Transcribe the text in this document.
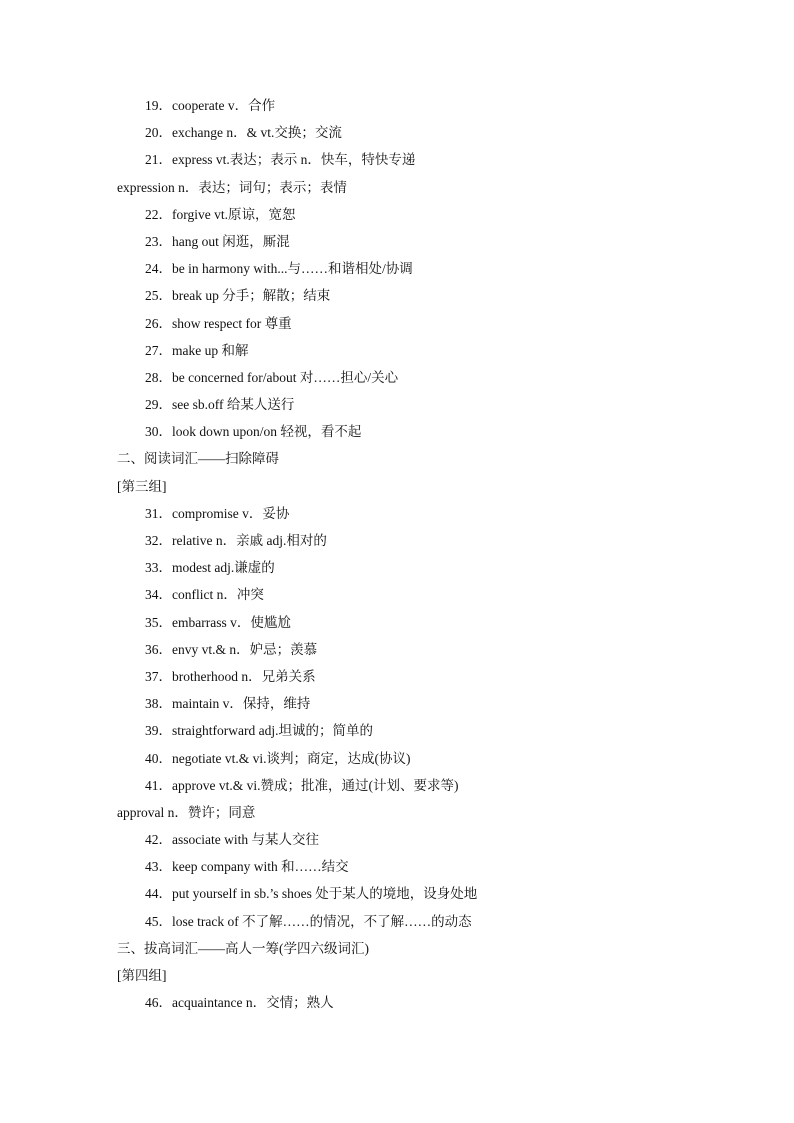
19．cooperate v．合作
20．exchange n．& vt.交换；交流
21．express vt.表达；表示 n．快车，特快专递
expression n．表达；词句；表示；表情
22．forgive vt.原谅，宽恕
23．hang out 闲逛，厮混
24．be in harmony with...与……和谐相处/协调
25．break up 分手；解散；结束
26．show respect for 尊重
27．make up 和解
28．be concerned for/about 对……担心/关心
29．see sb.off 给某人送行
30．look down upon/on 轻视，看不起
二、阅读词汇——扫除障碍
[第三组]
31．compromise v．妥协
32．relative n．亲戚 adj.相对的
33．modest adj.谦虚的
34．conflict n．冲突
35．embarrass v．使尴尬
36．envy vt.& n．妒忌；羡慕
37．brotherhood n．兄弟关系
38．maintain v．保持，维持
39．straightforward adj.坦诚的；简单的
40．negotiate vt.& vi.谈判；商定，达成(协议)
41．approve vt.& vi.赞成；批准，通过(计划、要求等)
approval n．赞许；同意
42．associate with 与某人交往
43．keep company with 和……结交
44．put yourself in sb.’s shoes 处于某人的境地，设身处地
45．lose track of 不了解……的情况，不了解……的动态
三、拔高词汇——高人一筹(学四六级词汇)
[第四组]
46．acquaintance n．交情；熟人
